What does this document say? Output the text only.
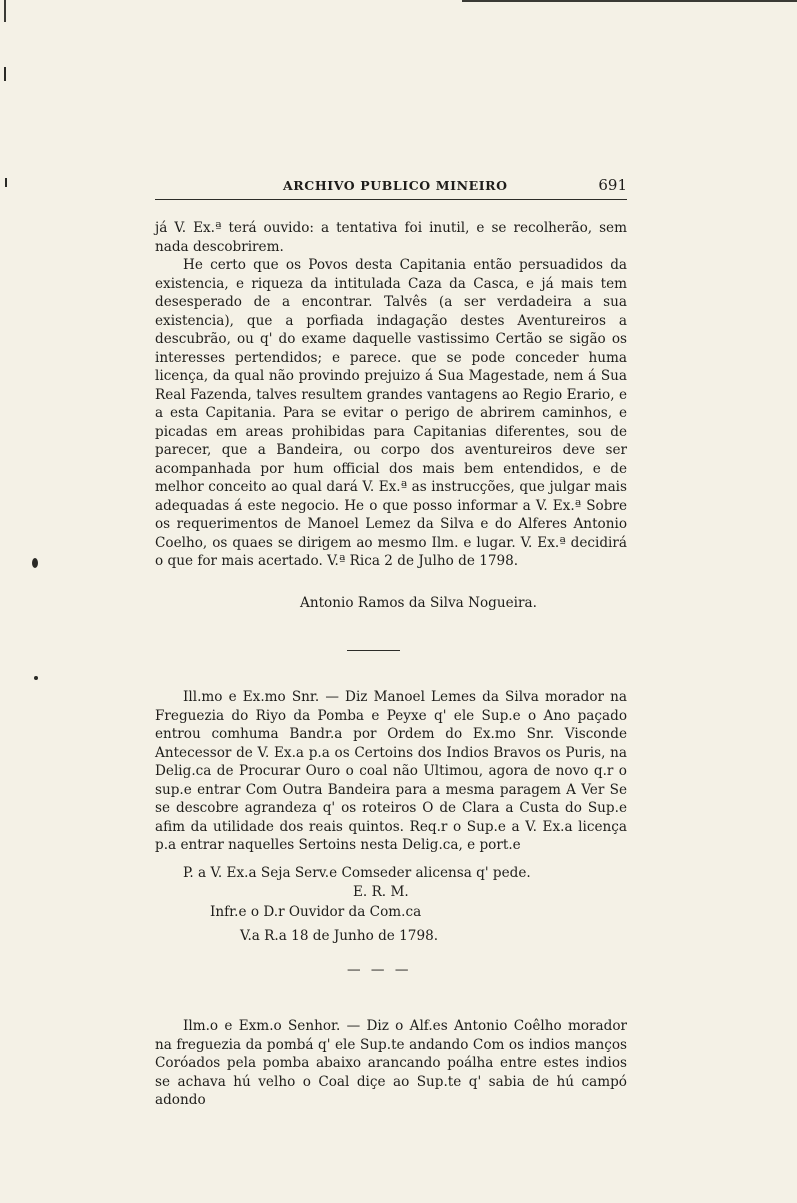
ARCHIVO PUBLICO MINEIRO	691

já V. Ex.ª terá ouvido: a tentativa foi inutil, e se recolherão, sem nada descobrirem.

He certo que os Povos desta Capitania então persuadidos da existencia, e riqueza da intitulada Caza da Casca, e já mais tem desesperado de a encontrar. Talvês (a ser verdadeira a sua existencia), que a porfiada indagação destes Aventureiros a descubrão, ou q' do exame daquelle vastissimo Certão se sigão os interesses pertendidos; e parece. que se pode conceder huma licença, da qual não provindo prejuizo á Sua Magestade, nem á Sua Real Fazenda, talves resultem grandes vantagens ao Regio Erario, e a esta Capitania. Para se evitar o perigo de abrirem caminhos, e picadas em areas prohibidas para Capitanias diferentes, sou de parecer, que a Bandeira, ou corpo dos aventureiros deve ser acompanhada por hum official dos mais bem entendidos, e de melhor conceito ao qual dará V. Ex.ª as instrucções, que julgar mais adequadas á este negocio. He o que posso informar a V. Ex.ª Sobre os requerimentos de Manoel Lemez da Silva e do Alferes Antonio Coelho, os quaes se dirigem ao mesmo Ilm. e lugar. V. Ex.ª decidirá o que for mais acertado. V.ª Rica 2 de Julho de 1798.

Antonio Ramos da Silva Nogueira.

Ill.mo e Ex.mo Snr. — Diz Manoel Lemes da Silva morador na Freguezia do Riyo da Pomba e Peyxe q' ele Sup.e o Ano paçado entrou comhuma Bandr.a por Ordem do Ex.mo Snr. Visconde Antecessor de V. Ex.a p.a os Certoins dos Indios Bravos os Puris, na Delig.ca de Procurar Ouro o coal não Ultimou, agora de novo q.r o sup.e entrar Com Outra Bandeira para a mesma paragem A Ver Se se descobre agrandeza q' os roteiros O de Clara a Custa do Sup.e afim da utilidade dos reais quintos. Req.r o Sup.e a V. Ex.a licença p.a entrar naquelles Sertoins nesta Delig.ca, e port.e

P. a V. Ex.a Seja Serv.e Comseder alicensa q' pede.
E. R. M.
Infr.e o D.r Ouvidor da Com.ca
V.a R.a 18 de Junho de 1798.
— — —

Ilm.o e Exm.o Senhor. — Diz o Alf.es Antonio Coêlho morador na freguezia da pombá q' ele Sup.te andando Com os indios manços Coróados pela pomba abaixo arancando poálha entre estes indios se achava hú velho o Coal diçe ao Sup.te q' sabia de hú campó adondo
